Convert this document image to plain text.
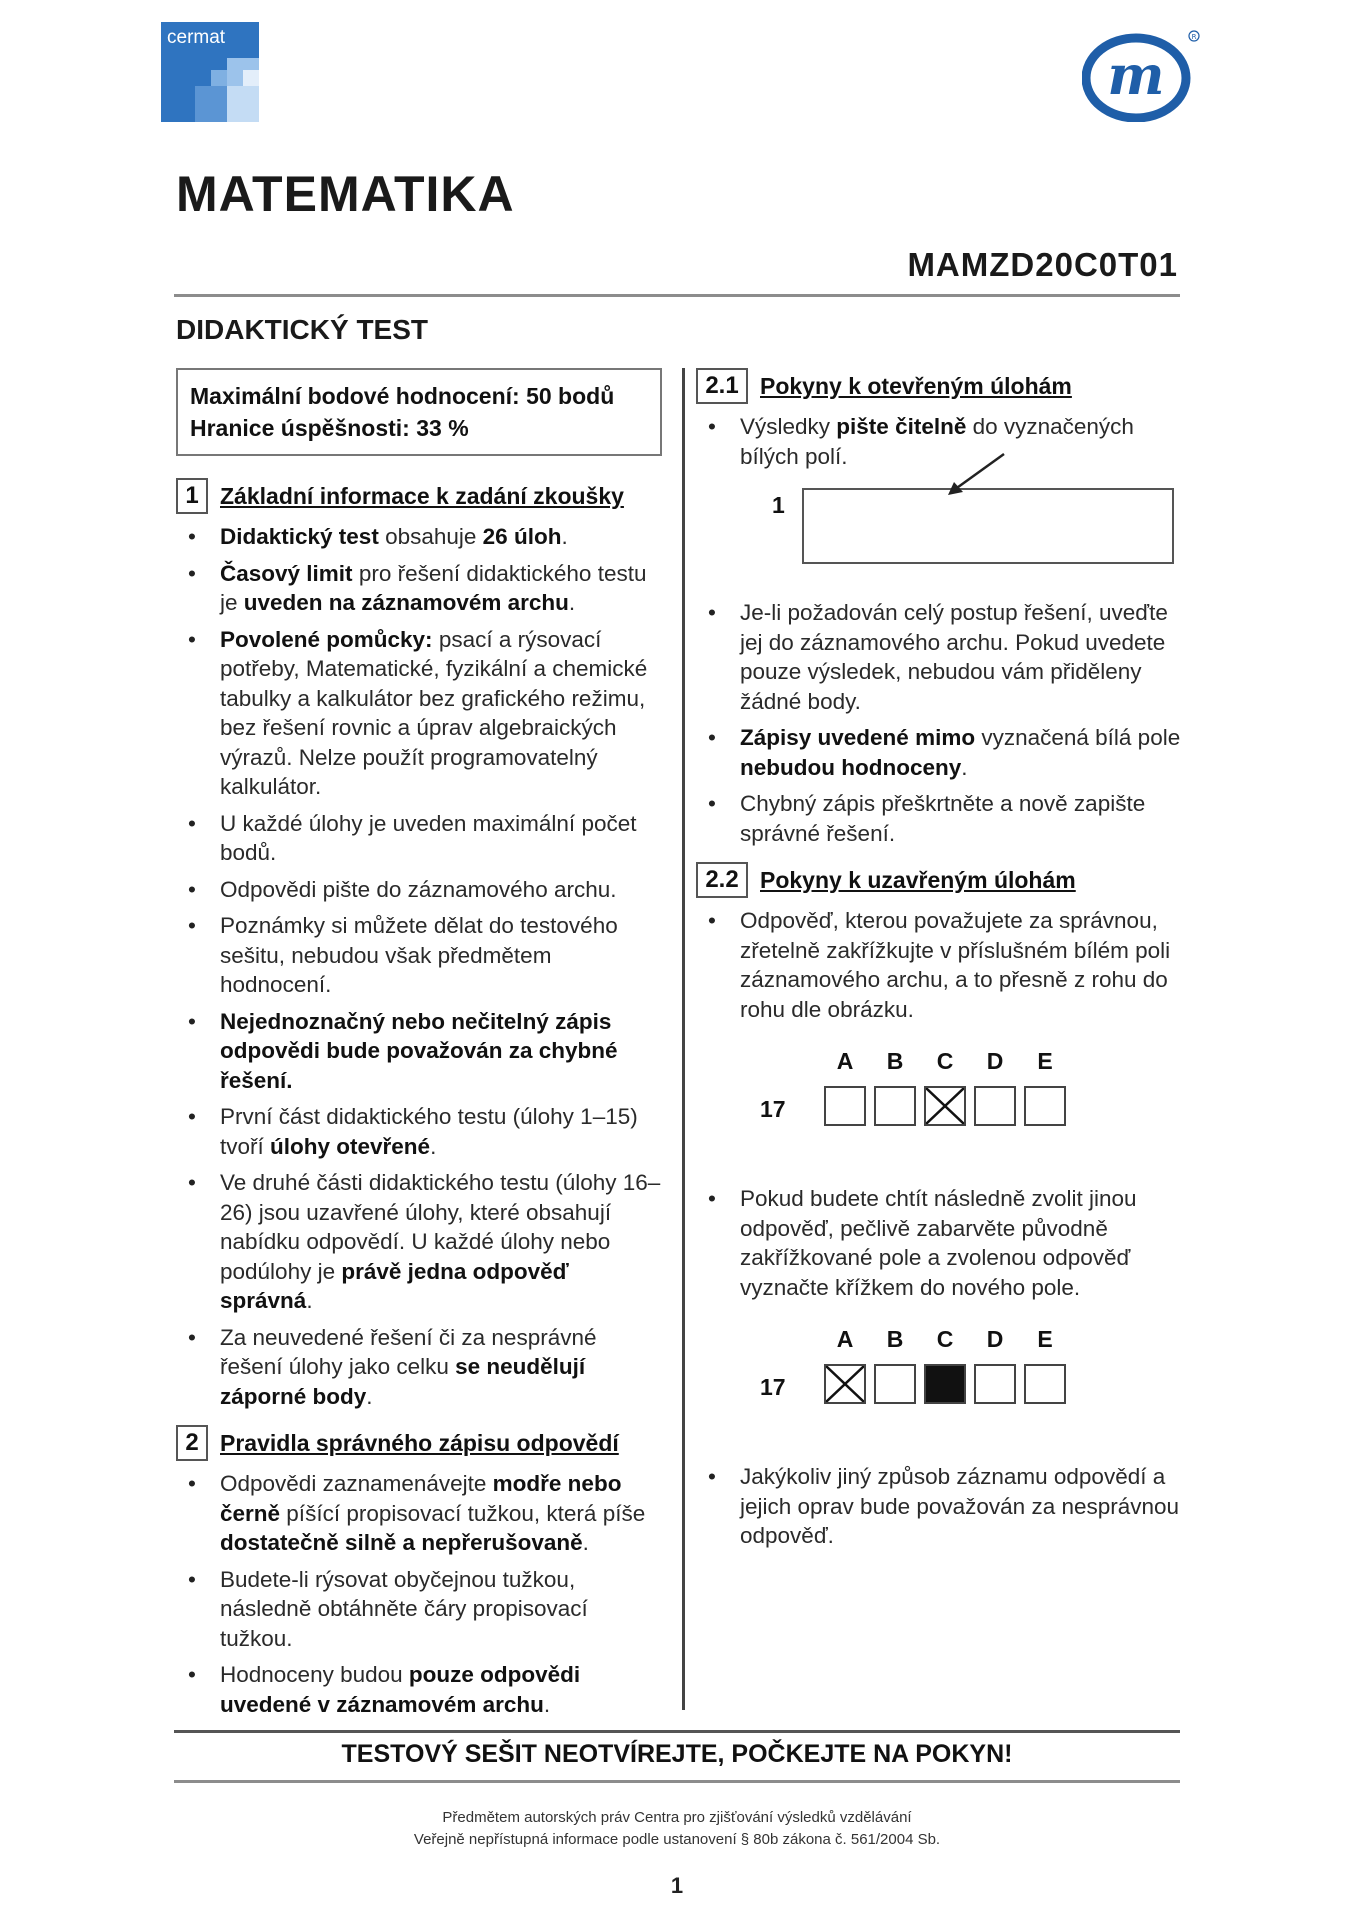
cermat
m
R
MATEMATIKA
MAMZD20C0T01
DIDAKTICKÝ TEST
Maximální bodové hodnocení: 50 bodů
Hranice úspěšnosti: 33 %
1 Základní informace k zadání zkoušky
• Didaktický test obsahuje 26 úloh.
• Časový limit pro řešení didaktického testu je uveden na záznamovém archu.
• Povolené pomůcky: psací a rýsovací potřeby, Matematické, fyzikální a chemické tabulky a kalkulátor bez grafického režimu, bez řešení rovnic a úprav algebraických výrazů. Nelze použít programovatelný kalkulátor.
• U každé úlohy je uveden maximální počet bodů.
• Odpovědi pište do záznamového archu.
• Poznámky si můžete dělat do testového sešitu, nebudou však předmětem hodnocení.
• Nejednoznačný nebo nečitelný zápis odpovědi bude považován za chybné řešení.
• První část didaktického testu (úlohy 1–15) tvoří úlohy otevřené.
• Ve druhé části didaktického testu (úlohy 16–26) jsou uzavřené úlohy, které obsahují nabídku odpovědí. U každé úlohy nebo podúlohy je právě jedna odpověď správná.
• Za neuvedené řešení či za nesprávné řešení úlohy jako celku se neudělují záporné body.
2 Pravidla správného zápisu odpovědí
• Odpovědi zaznamenávejte modře nebo černě píšící propisovací tužkou, která píše dostatečně silně a nepřerušovaně.
• Budete-li rýsovat obyčejnou tužkou, následně obtáhněte čáry propisovací tužkou.
• Hodnoceny budou pouze odpovědi uvedené v záznamovém archu.
2.1 Pokyny k otevřeným úlohám
• Výsledky pište čitelně do vyznačených bílých polí.
1
• Je-li požadován celý postup řešení, uveďte jej do záznamového archu. Pokud uvedete pouze výsledek, nebudou vám přiděleny žádné body.
• Zápisy uvedené mimo vyznačená bílá pole nebudou hodnoceny.
• Chybný zápis přeškrtněte a nově zapište správné řešení.
2.2 Pokyny k uzavřeným úlohám
• Odpověď, kterou považujete za správnou, zřetelně zakřížkujte v příslušném bílém poli záznamového archu, a to přesně z rohu do rohu dle obrázku.
A	B	C	D	E
17
• Pokud budete chtít následně zvolit jinou odpověď, pečlivě zabarvěte původně zakřížkované pole a zvolenou odpověď vyznačte křížkem do nového pole.
A	B	C	D	E
17
• Jakýkoliv jiný způsob záznamu odpovědí a jejich oprav bude považován za nesprávnou odpověď.
TESTOVÝ SEŠIT NEOTVÍREJTE, POČKEJTE NA POKYN!
Předmětem autorských práv Centra pro zjišťování výsledků vzdělávání
Veřejně nepřístupná informace podle ustanovení § 80b zákona č. 561/2004 Sb.
1
